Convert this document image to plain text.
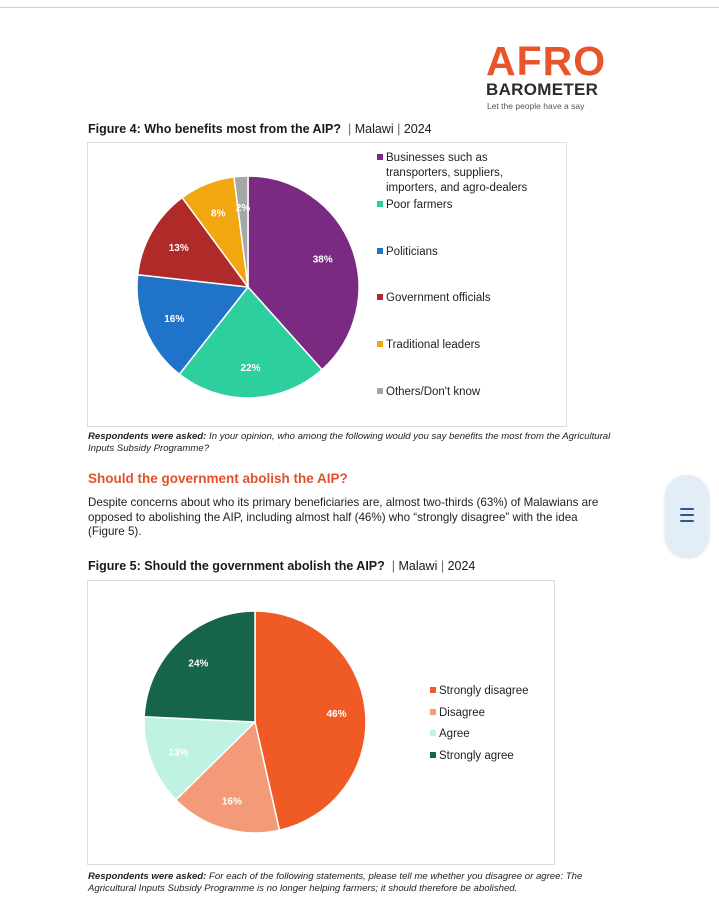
AFRO
BAROMETER
Let the people have a say
Figure 4: Who benefits most from the AIP?  | Malawi | 2024
38%
22%
16%
13%
8%
2%
Businesses such as
transporters, suppliers,
importers, and agro-dealers
Poor farmers
Politicians
Government officials
Traditional leaders
Others/Don't know
Respondents were asked: In your opinion, who among the following would you say benefits the most from the Agricultural Inputs Subsidy Programme?
Should the government abolish the AIP?
Despite concerns about who its primary beneficiaries are, almost two-thirds (63%) of Malawians are opposed to abolishing the AIP, including almost half (46%) who “strongly disagree” with the idea (Figure 5).
Figure 5: Should the government abolish the AIP?  | Malawi | 2024
46%
16%
13%
24%
Strongly disagree
Disagree
Agree
Strongly agree
Respondents were asked: For each of the following statements, please tell me whether you disagree or agree: The Agricultural Inputs Subsidy Programme is no longer helping farmers; it should therefore be abolished.
